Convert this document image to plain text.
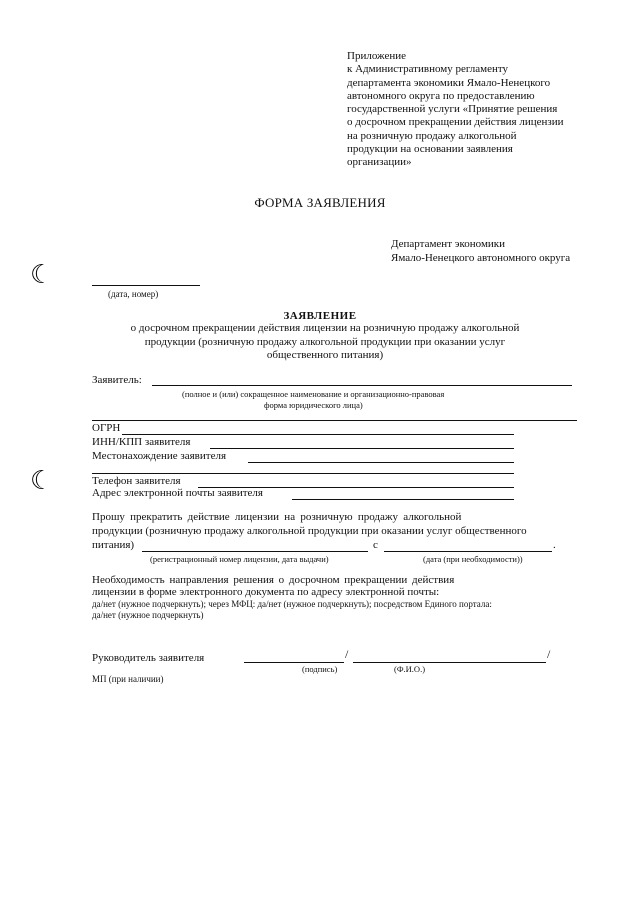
☾
☾
Приложение
к Административному регламенту
департамента экономики Ямало-Ненецкого
автономного округа по предоставлению
государственной услуги «Принятие решения
о досрочном прекращении действия лицензии
на розничную продажу алкогольной
продукции на основании заявления
организации»
ФОРМА ЗАЯВЛЕНИЯ
Департамент экономики
Ямало-Ненецкого автономного округа
(дата, номер)
ЗАЯВЛЕНИЕ
о досрочном прекращении действия лицензии на розничную продажу алкогольной продукции (розничную продажу алкогольной продукции при оказании услуг общественного питания)
Заявитель:
(полное и (или) сокращенное наименование и организационно-правовая
форма юридического лица)
ОГРН
ИНН/КПП заявителя
Местонахождение заявителя
Телефон заявителя
Адрес электронной почты заявителя
Прошу прекратить действие лицензии на розничную продажу алкогольной
продукции (розничную продажу алкогольной продукции при оказании услуг общественного
питания)	с	.
(регистрационный номер лицензии, дата выдачи)	(дата (при необходимости))
Необходимость направления решения о досрочном прекращении действия
лицензии в форме электронного документа по адресу электронной почты:
да/нет (нужное подчеркнуть); через МФЦ: да/нет (нужное подчеркнуть); посредством Единого портала:
да/нет (нужное подчеркнуть)
Руководитель заявителя	/	/
(подпись)	(Ф.И.О.)
МП (при наличии)
